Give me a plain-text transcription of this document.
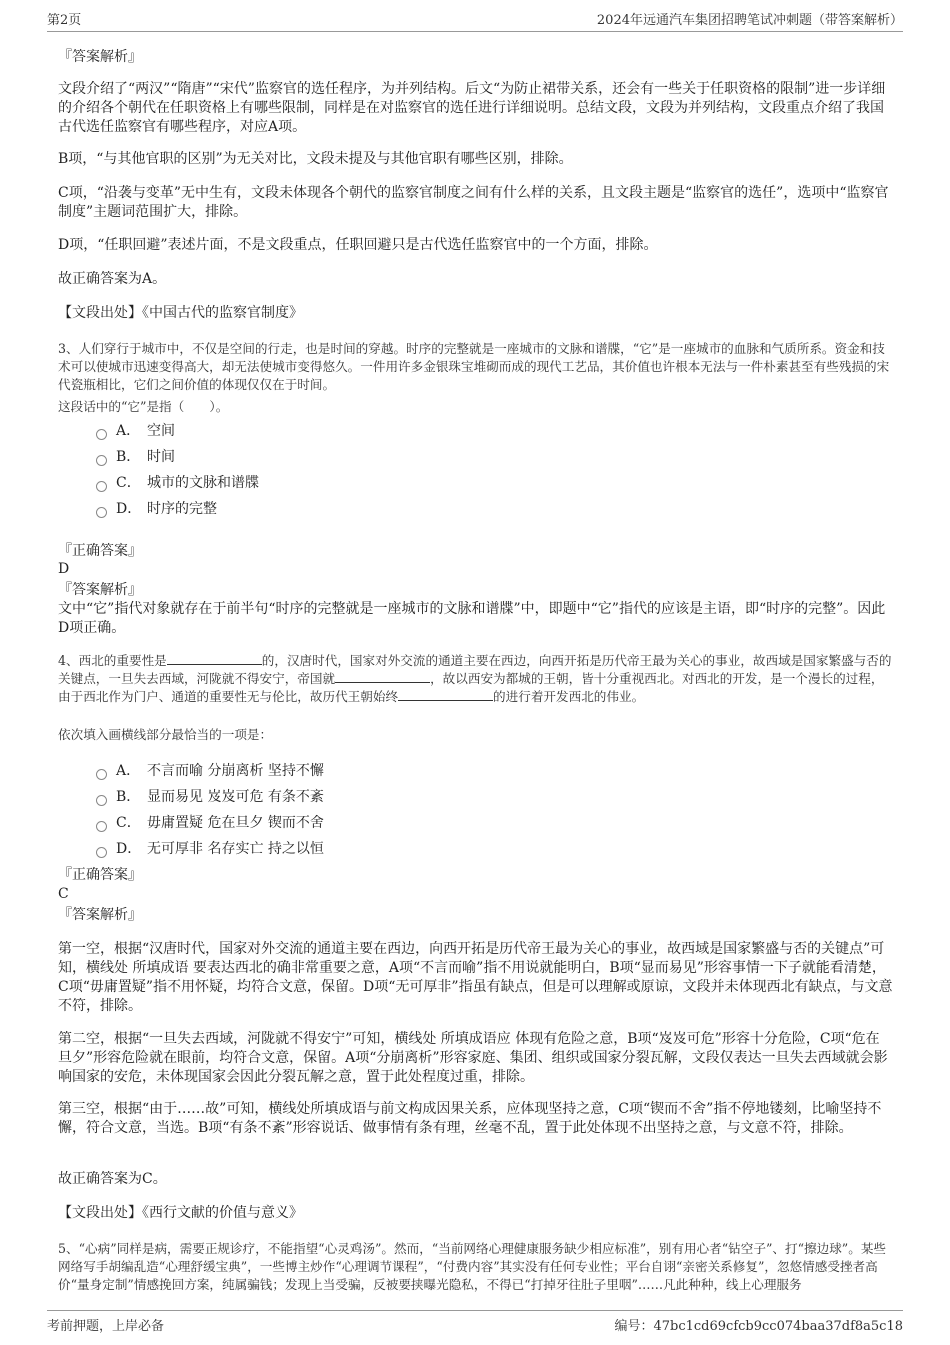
第2页	2024年远通汽车集团招聘笔试冲刺题（带答案解析）
『答案解析』

文段介绍了“两汉”“隋唐”“宋代”监察官的选任程序，为并列结构。后文“为防止裙带关系，还会有一些关于任职资格的限制”进一步详细的介绍各个朝代在任职资格上有哪些限制，同样是在对监察官的选任进行详细说明。总结文段，文段为并列结构，文段重点介绍了我国古代选任监察官有哪些程序，对应A项。

B项，“与其他官职的区别”为无关对比，文段未提及与其他官职有哪些区别，排除。

C项，“沿袭与变革”无中生有，文段未体现各个朝代的监察官制度之间有什么样的关系，且文段主题是“监察官的选任”，选项中“监察官制度”主题词范围扩大，排除。

D项，“任职回避”表述片面，不是文段重点，任职回避只是古代选任监察官中的一个方面，排除。

故正确答案为A。

【文段出处】《中国古代的监察官制度》

3、人们穿行于城市中，不仅是空间的行走，也是时间的穿越。时序的完整就是一座城市的文脉和谱牒，“它”是一座城市的血脉和气质所系。资金和技术可以使城市迅速变得高大，却无法使城市变得悠久。一件用许多金银珠宝堆砌而成的现代工艺品，其价值也许根本无法与一件朴素甚至有些残损的宋代瓷瓶相比，它们之间价值的体现仅仅在于时间。

这段话中的“它”是指（　　）。

A． 空间
B． 时间
C． 城市的文脉和谱牒
D． 时序的完整
『正确答案』
D
『答案解析』

文中“它”指代对象就存在于前半句“时序的完整就是一座城市的文脉和谱牒”中，即题中“它”指代的应该是主语，即“时序的完整”。因此D项正确。

4、西北的重要性是	的，汉唐时代，国家对外交流的通道主要在西边，向西开拓是历代帝王最为关心的事业，故西域是国家繁盛与否的关键点，一旦失去西域，河陇就不得安宁，帝国就	，故以西安为都城的王朝，皆十分重视西北。对西北的开发，是一个漫长的过程，由于西北作为门户、通道的重要性无与伦比，故历代王朝始终	的进行着开发西北的伟业。

依次填入画横线部分最恰当的一项是：

A． 不言而喻 分崩离析 坚持不懈
B． 显而易见 岌岌可危 有条不紊
C． 毋庸置疑 危在旦夕 锲而不舍
D． 无可厚非 名存实亡 持之以恒
『正确答案』
C
『答案解析』

第一空，根据“汉唐时代，国家对外交流的通道主要在西边，向西开拓是历代帝王最为关心的事业，故西域是国家繁盛与否的关键点”可知，横线处 所填成语 要表达西北的确非常重要之意，A项“不言而喻”指不用说就能明白，B项“显而易见”形容事情一下子就能看清楚，C项“毋庸置疑”指不用怀疑，均符合文意，保留。D项“无可厚非”指虽有缺点，但是可以理解或原谅，文段并未体现西北有缺点，与文意不符，排除。

第二空，根据“一旦失去西域，河陇就不得安宁”可知，横线处 所填成语应 体现有危险之意，B项“岌岌可危”形容十分危险，C项“危在旦夕”形容危险就在眼前，均符合文意，保留。A项“分崩离析”形容家庭、集团、组织或国家分裂瓦解，文段仅表达一旦失去西域就会影响国家的安危，未体现国家会因此分裂瓦解之意，置于此处程度过重，排除。

第三空，根据“由于……故”可知，横线处所填成语与前文构成因果关系，应体现坚持之意，C项“锲而不舍”指不停地镂刻，比喻坚持不懈，符合文意，当选。B项“有条不紊”形容说话、做事情有条有理，丝毫不乱，置于此处体现不出坚持之意，与文意不符，排除。

故正确答案为C。

【文段出处】《西行文献的价值与意义》

5、“心病”同样是病，需要正规诊疗，不能指望“心灵鸡汤”。然而，“当前网络心理健康服务缺少相应标准”，别有用心者“钻空子”、打“擦边球”。某些网络写手胡编乱造“心理舒缓宝典”，一些博主炒作“心理调节课程”，“付费内容”其实没有任何专业性；平台自诩“亲密关系修复”，忽悠情感受挫者高价“量身定制”情感挽回方案，纯属骗钱；发现上当受骗，反被要挟曝光隐私，不得已“打掉牙往肚子里咽”……凡此种种，线上心理服务

考前押题，上岸必备	编号：47bc1cd69cfcb9cc074baa37df8a5c18
